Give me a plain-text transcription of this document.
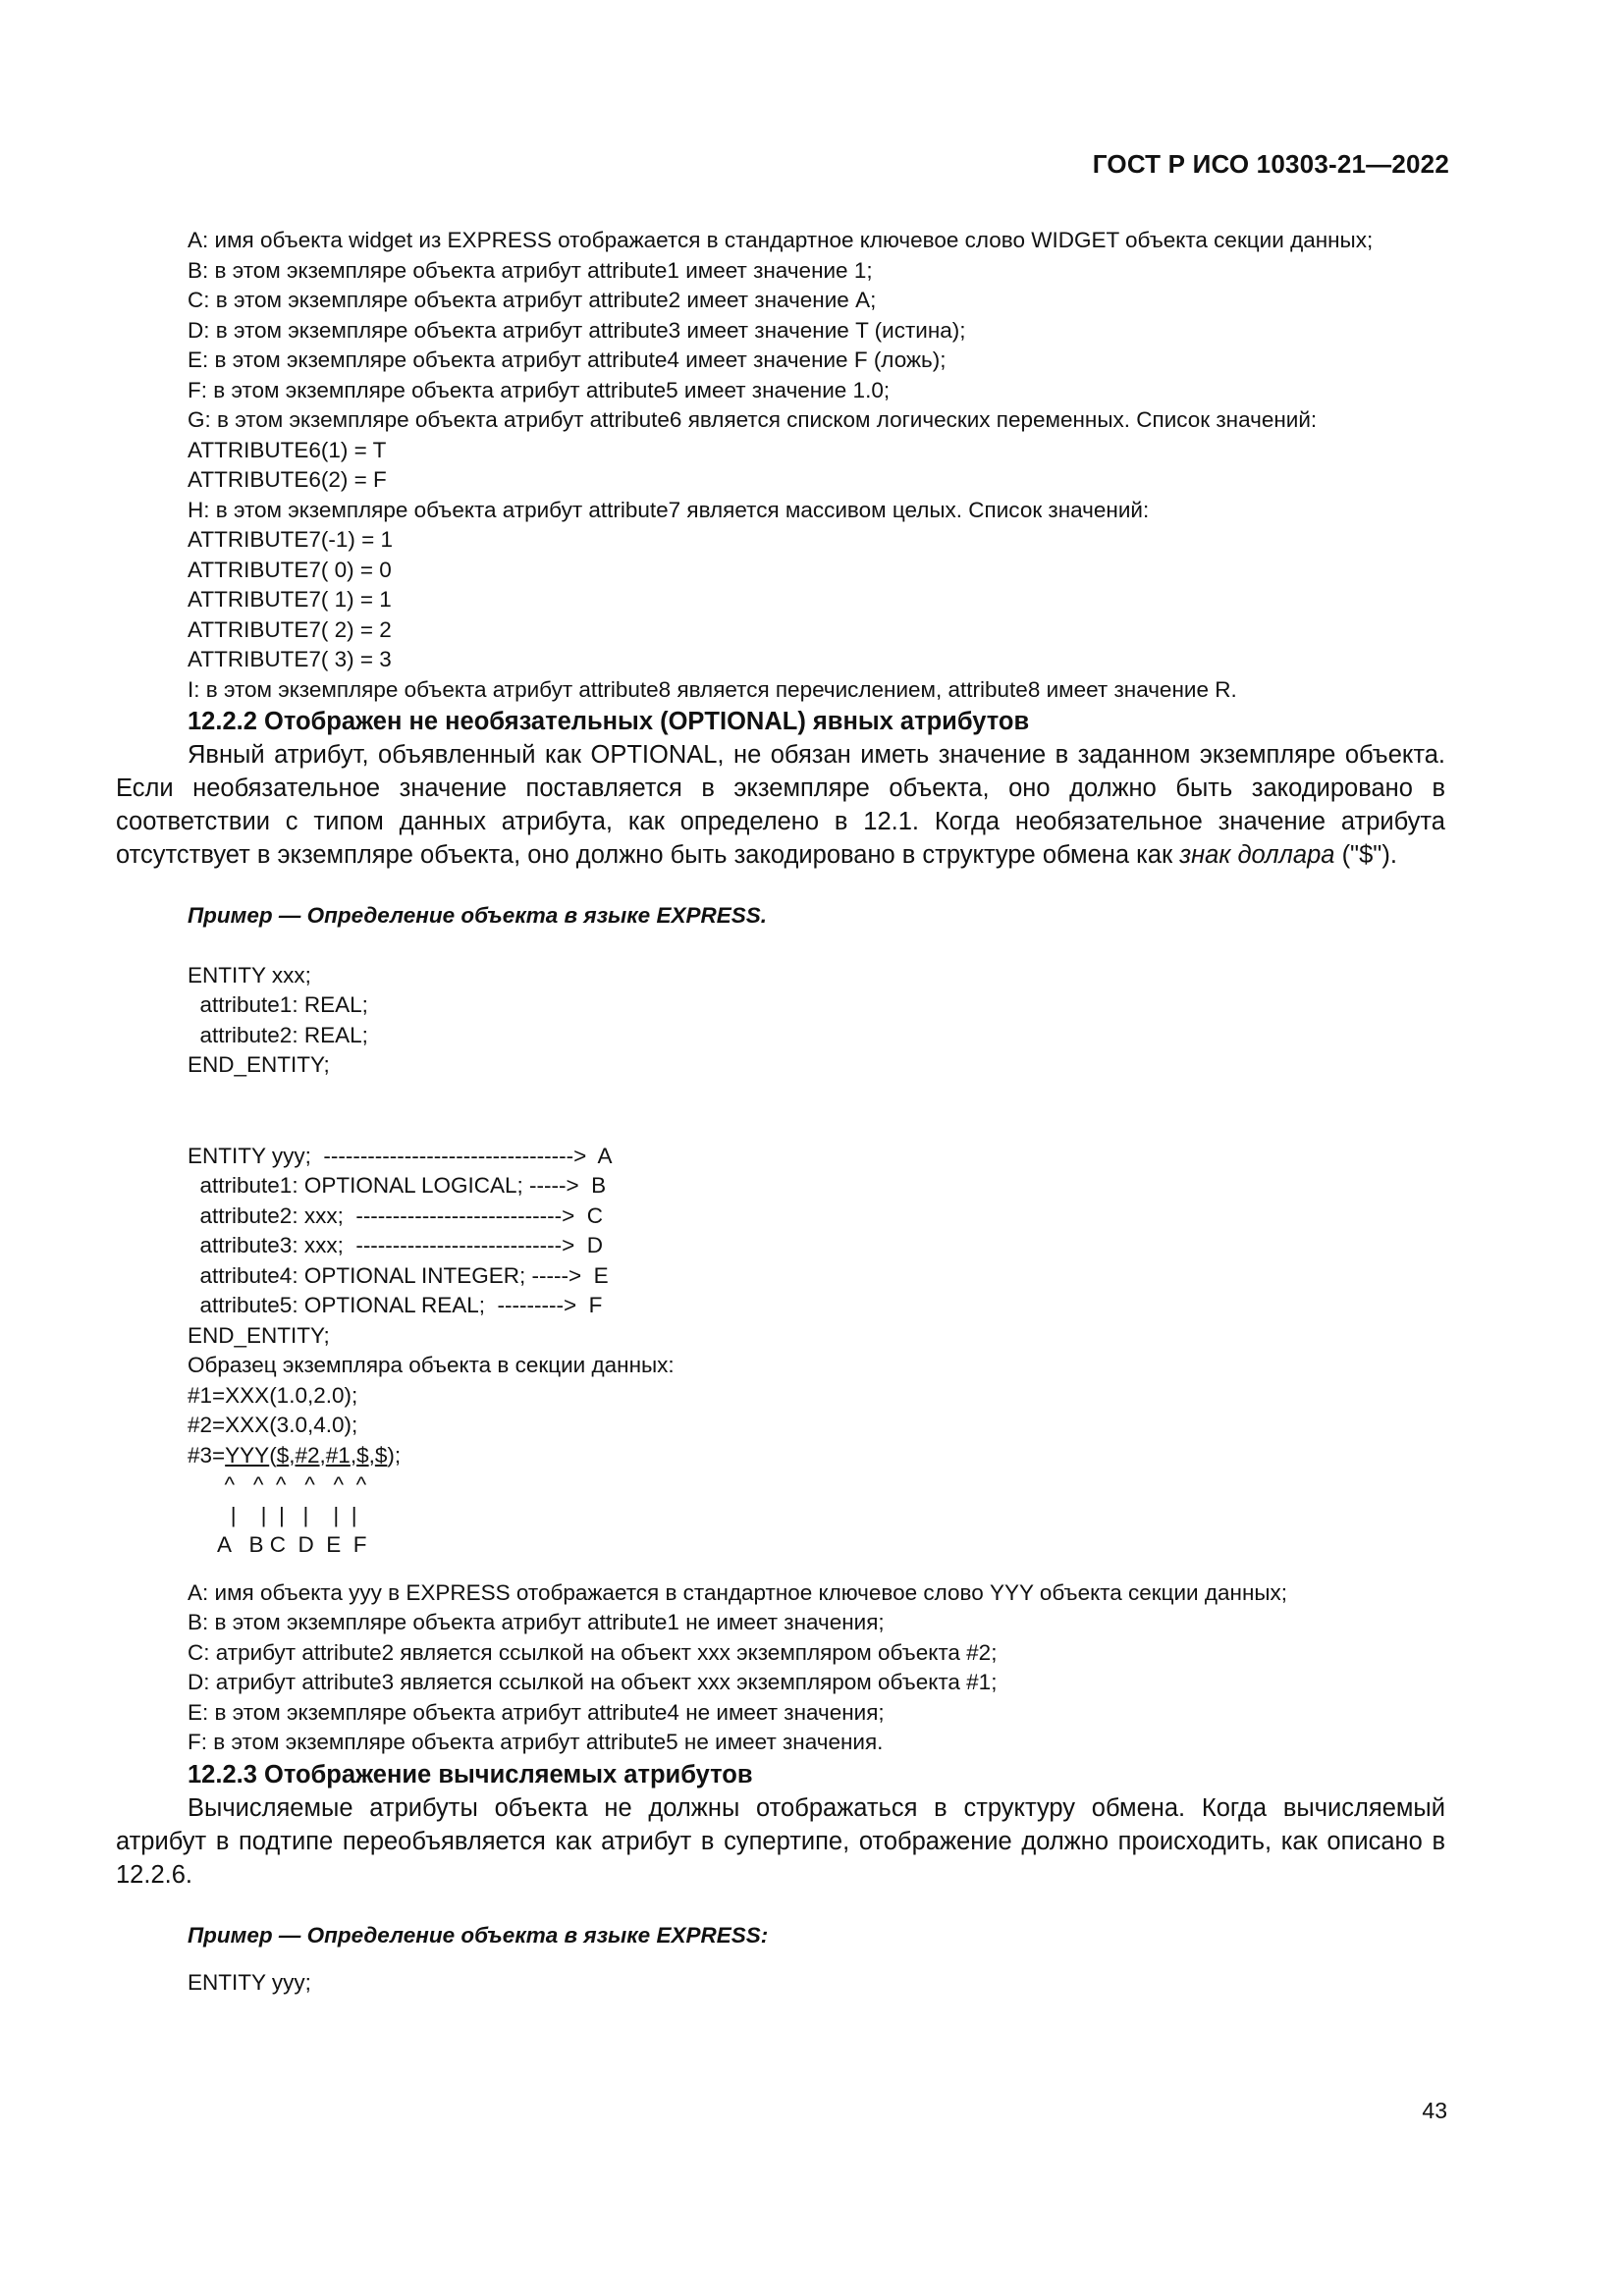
ГОСТ Р ИСО 10303-21—2022
A: имя объекта widget из EXPRESS отображается в стандартное ключевое слово WIDGET объекта секции данных;
B: в этом экземпляре объекта атрибут attribute1 имеет значение 1;
C: в этом экземпляре объекта атрибут attribute2 имеет значение A;
D: в этом экземпляре объекта атрибут attribute3 имеет значение T (истина);
E: в этом экземпляре объекта атрибут attribute4 имеет значение F (ложь);
F: в этом экземпляре объекта атрибут attribute5 имеет значение 1.0;
G: в этом экземпляре объекта атрибут attribute6 является списком логических переменных. Список значений:
ATTRIBUTE6(1) = T
ATTRIBUTE6(2) = F
H: в этом экземпляре объекта атрибут attribute7 является массивом целых. Список значений:
ATTRIBUTE7(-1) = 1
ATTRIBUTE7( 0) = 0
ATTRIBUTE7( 1) = 1
ATTRIBUTE7( 2) = 2
ATTRIBUTE7( 3) = 3
I: в этом экземпляре объекта атрибут attribute8 является перечислением, attribute8 имеет значение R.
12.2.2 Отображен не необязательных (OPTIONAL) явных атрибутов
Явный атрибут, объявленный как OPTIONAL, не обязан иметь значение в заданном экземпляре объекта. Если необязательное значение поставляется в экземпляре объекта, оно должно быть закодировано в соответствии с типом данных атрибута, как определено в 12.1. Когда необязательное значение атрибута отсутствует в экземпляре объекта, оно должно быть закодировано в структуре обмена как знак доллара ("$").
Пример — Определение объекта в языке EXPRESS.
ENTITY xxx;
attribute1: REAL;
attribute2: REAL;
END_ENTITY;
ENTITY yyy;  ---------------------------------->  A
attribute1: OPTIONAL LOGICAL; ----->  B
attribute2: xxx;  ---------------------------->  C
attribute3: xxx;  ---------------------------->  D
attribute4: OPTIONAL INTEGER; ----->  E
attribute5: OPTIONAL REAL;  --------->  F
END_ENTITY;
Образец экземпляра объекта в секции данных:
#1=XXX(1.0,2.0);
#2=XXX(3.0,4.0);
#3=YYY($,#2,#1,$,$);
^   ^  ^   ^   ^  ^
|    |  |   |    |  |
A   B C  D  E  F
A: имя объекта yyy в EXPRESS отображается в стандартное ключевое слово YYY объекта секции данных;
B: в этом экземпляре объекта атрибут attribute1 не имеет значения;
C: атрибут attribute2 является ссылкой на объект xxx экземпляром объекта #2;
D: атрибут attribute3 является ссылкой на объект xxx экземпляром объекта #1;
E: в этом экземпляре объекта атрибут attribute4 не имеет значения;
F: в этом экземпляре объекта атрибут attribute5 не имеет значения.
12.2.3 Отображение вычисляемых атрибутов
Вычисляемые атрибуты объекта не должны отображаться в структуру обмена. Когда вычисляемый атрибут в подтипе переобъявляется как атрибут в супертипе, отображение должно происходить, как описано в 12.2.6.
Пример — Определение объекта в языке EXPRESS:
ENTITY yyy;
43
